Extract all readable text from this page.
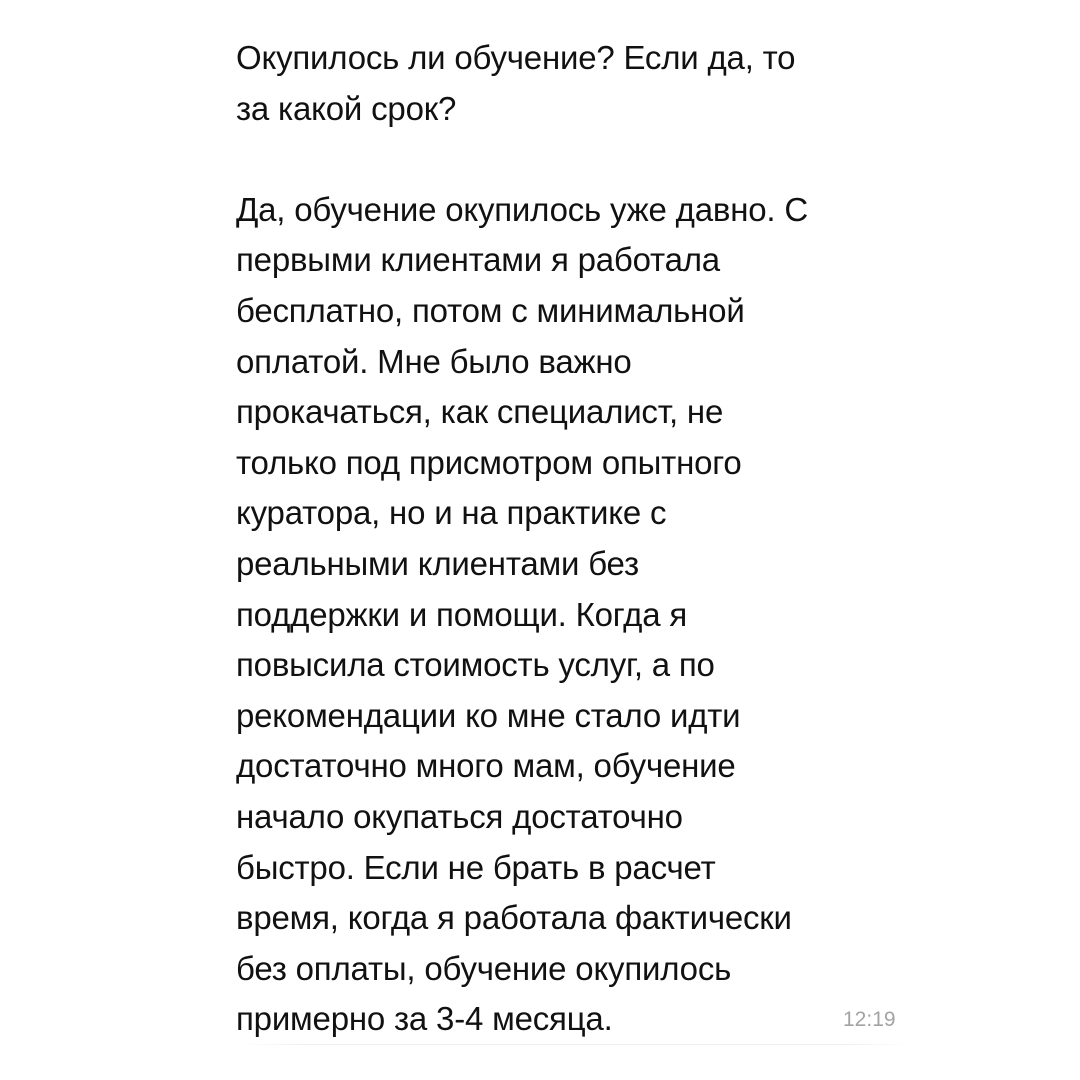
Окупилось ли обучение? Если да, то
за какой срок?

Да, обучение окупилось уже давно. С
первыми клиентами я работала
бесплатно, потом с минимальной
оплатой. Мне было важно
прокачаться, как специалист, не
только под присмотром опытного
куратора, но и на практике с
реальными клиентами без
поддержки и помощи. Когда я
повысила стоимость услуг, а по
рекомендации ко мне стало идти
достаточно много мам, обучение
начало окупаться достаточно
быстро. Если не брать в расчет
время, когда я работала фактически
без оплаты, обучение окупилось
примерно за 3-4 месяца.	12:19
